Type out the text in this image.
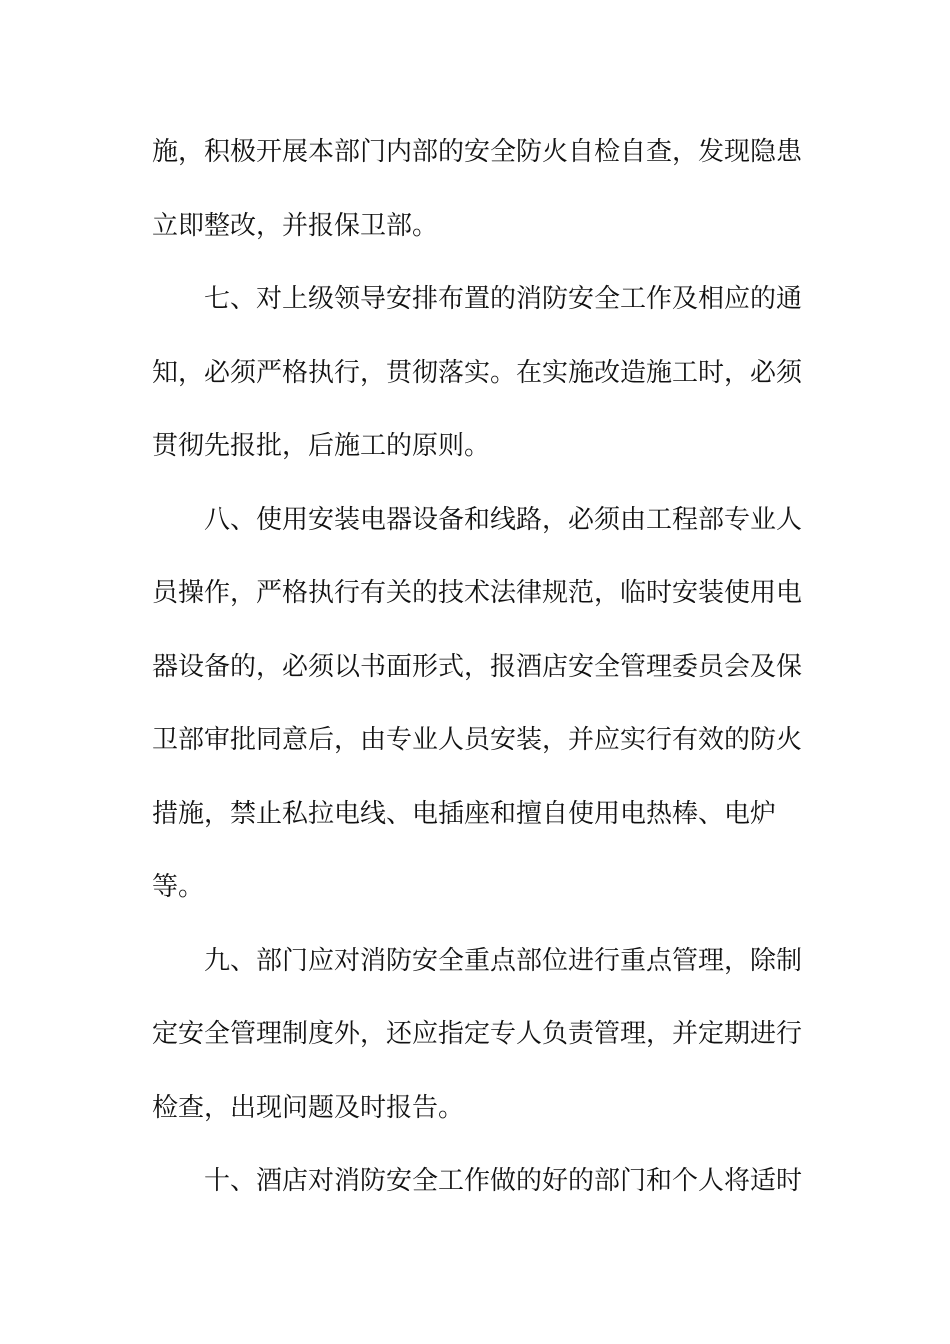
施，积极开展本部门内部的安全防火自检自查，发现隐患
立即整改，并报保卫部。
七、对上级领导安排布置的消防安全工作及相应的通
知，必须严格执行，贯彻落实。在实施改造施工时，必须
贯彻先报批，后施工的原则。
八、使用安装电器设备和线路，必须由工程部专业人
员操作，严格执行有关的技术法律规范，临时安装使用电
器设备的，必须以书面形式，报酒店安全管理委员会及保
卫部审批同意后，由专业人员安装，并应实行有效的防火
措施，禁止私拉电线、电插座和擅自使用电热棒、电炉
等。
九、部门应对消防安全重点部位进行重点管理，除制
定安全管理制度外，还应指定专人负责管理，并定期进行
检查，出现问题及时报告。
十、酒店对消防安全工作做的好的部门和个人将适时
